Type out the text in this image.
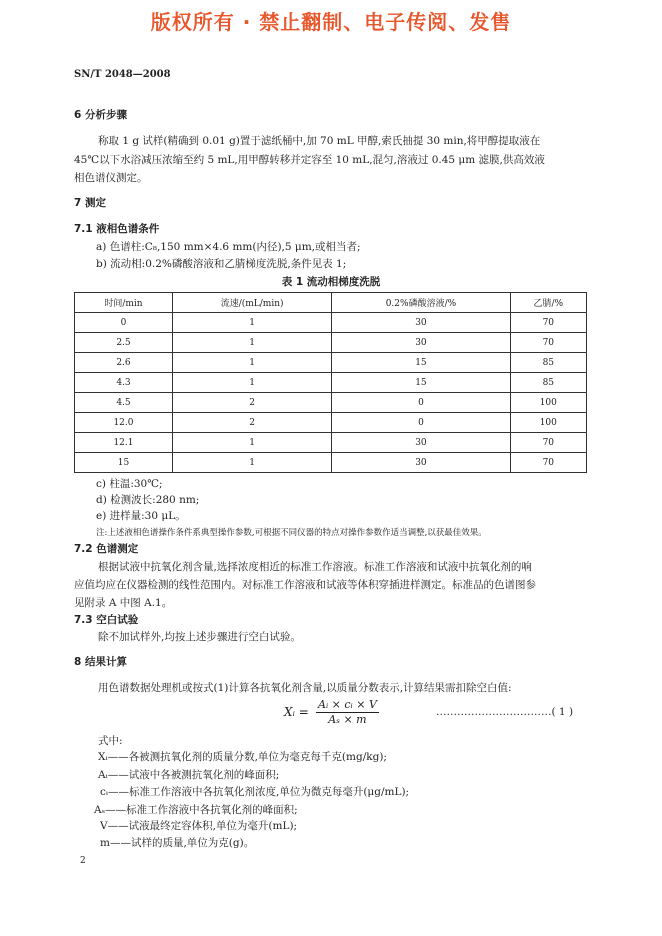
版权所有 · 禁止翻制、电子传阅、发售
SN/T 2048—2008
6 分析步骤
称取 1 g 试样(精确到 0.01 g)置于滤纸桶中,加 70 mL 甲醇,索氏抽提 30 min,将甲醇提取液在
45℃以下水浴减压浓缩至约 5 mL,用甲醇转移并定容至 10 mL,混匀,溶液过 0.45 μm 滤膜,供高效液
相色谱仪测定。
7 测定
7.1 液相色谱条件
a) 色谱柱:C₈,150 mm×4.6 mm(内径),5 μm,或相当者;
b) 流动相:0.2%磷酸溶液和乙腈梯度洗脱,条件见表 1;
表 1 流动相梯度洗脱
时间/min	流速/(mL/min)	0.2%磷酸溶液/%	乙腈/%
0	1	30	70
2.5	1	30	70
2.6	1	15	85
4.3	1	15	85
4.5	2	0	100
12.0	2	0	100
12.1	1	30	70
15	1	30	70
c) 柱温:30℃;
d) 检测波长:280 nm;
e) 进样量:30 μL。
注:上述液相色谱操作条件系典型操作参数,可根据不同仪器的特点对操作参数作适当调整,以获最佳效果。
7.2 色谱测定
根据试液中抗氧化剂含量,选择浓度相近的标准工作溶液。标准工作溶液和试液中抗氧化剂的响
应值均应在仪器检测的线性范围内。对标准工作溶液和试液等体积穿插进样测定。标准品的色谱图参
见附录 A 中图 A.1。
7.3 空白试验
除不加试样外,均按上述步骤进行空白试验。
8 结果计算
用色谱数据处理机或按式(1)计算各抗氧化剂含量,以质量分数表示,计算结果需扣除空白值:
Xᵢ = $\frac{\text{Aᵢ × cᵢ × V}}{\text{Aₛ × m}}$	……………………………( 1 )
式中:
Xᵢ——各被测抗氧化剂的质量分数,单位为毫克每千克(mg/kg);
Aᵢ——试液中各被测抗氧化剂的峰面积;
cᵢ——标准工作溶液中各抗氧化剂浓度,单位为微克每毫升(μg/mL);
Aₛ——标准工作溶液中各抗氧化剂的峰面积;
V——试液最终定容体积,单位为毫升(mL);
m——试样的质量,单位为克(g)。
2
